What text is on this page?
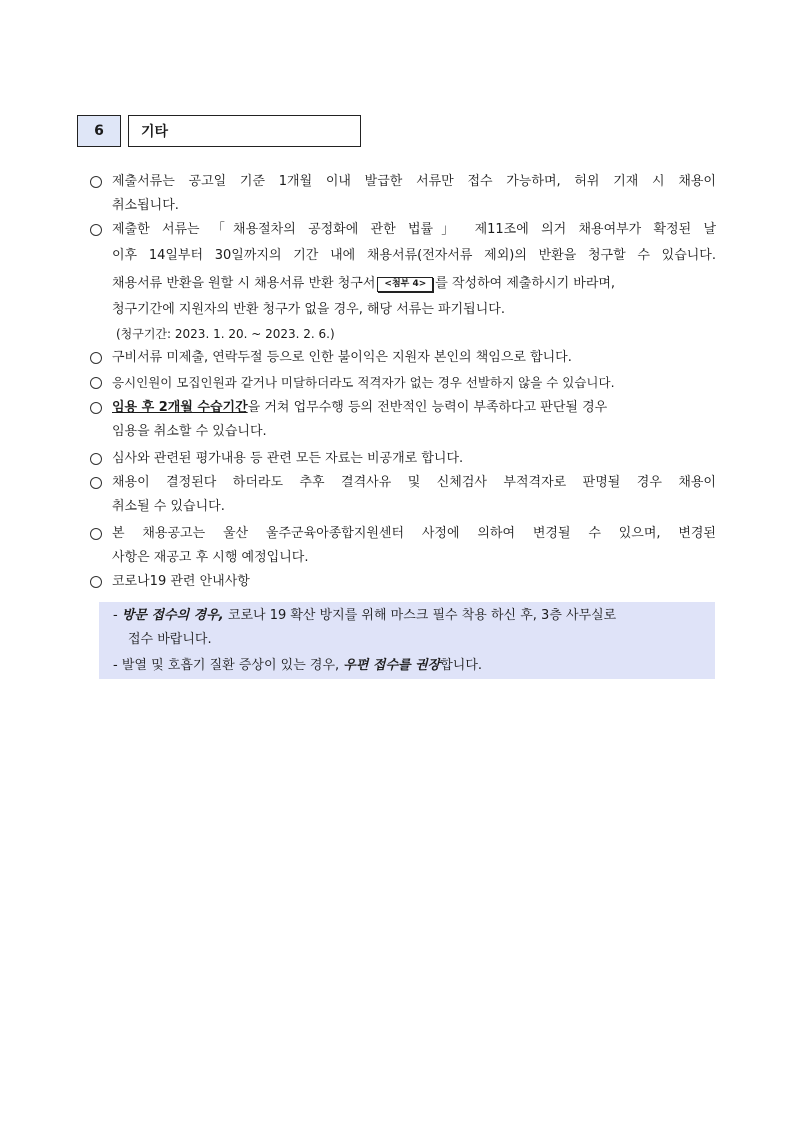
6	기타
제출서류는 공고일 기준 1개월 이내 발급한 서류만 접수 가능하며, 허위 기재 시 채용이
취소됩니다.
제출한 서류는 「채용절차의 공정화에 관한 법률」 제11조에 의거 채용여부가 확정된 날
이후 14일부터 30일까지의 기간 내에 채용서류(전자서류 제외)의 반환을 청구할 수 있습니다.
채용서류 반환을 원할 시 채용서류 반환 청구서 <첨부 4> 를 작성하여 제출하시기 바라며,
청구기간에 지원자의 반환 청구가 없을 경우, 해당 서류는 파기됩니다.
(청구기간: 2023. 1. 20. ~ 2023. 2. 6.)
구비서류 미제출, 연락두절 등으로 인한 불이익은 지원자 본인의 책임으로 합니다.
응시인원이 모집인원과 같거나 미달하더라도 적격자가 없는 경우 선발하지 않을 수 있습니다.
임용 후 2개월 수습기간을 거쳐 업무수행 등의 전반적인 능력이 부족하다고 판단될 경우
임용을 취소할 수 있습니다.
심사와 관련된 평가내용 등 관련 모든 자료는 비공개로 합니다.
채용이 결정된다 하더라도 추후 결격사유 및 신체검사 부적격자로 판명될 경우 채용이
취소될 수 있습니다.
본 채용공고는 울산 울주군육아종합지원센터 사정에 의하여 변경될 수 있으며, 변경된
사항은 재공고 후 시행 예정입니다.
코로나19 관련 안내사항
- 방문 접수의 경우, 코로나 19 확산 방지를 위해 마스크 필수 착용 하신 후, 3층 사무실로
접수 바랍니다.
- 발열 및 호흡기 질환 증상이 있는 경우, 우편 접수를 권장합니다.
